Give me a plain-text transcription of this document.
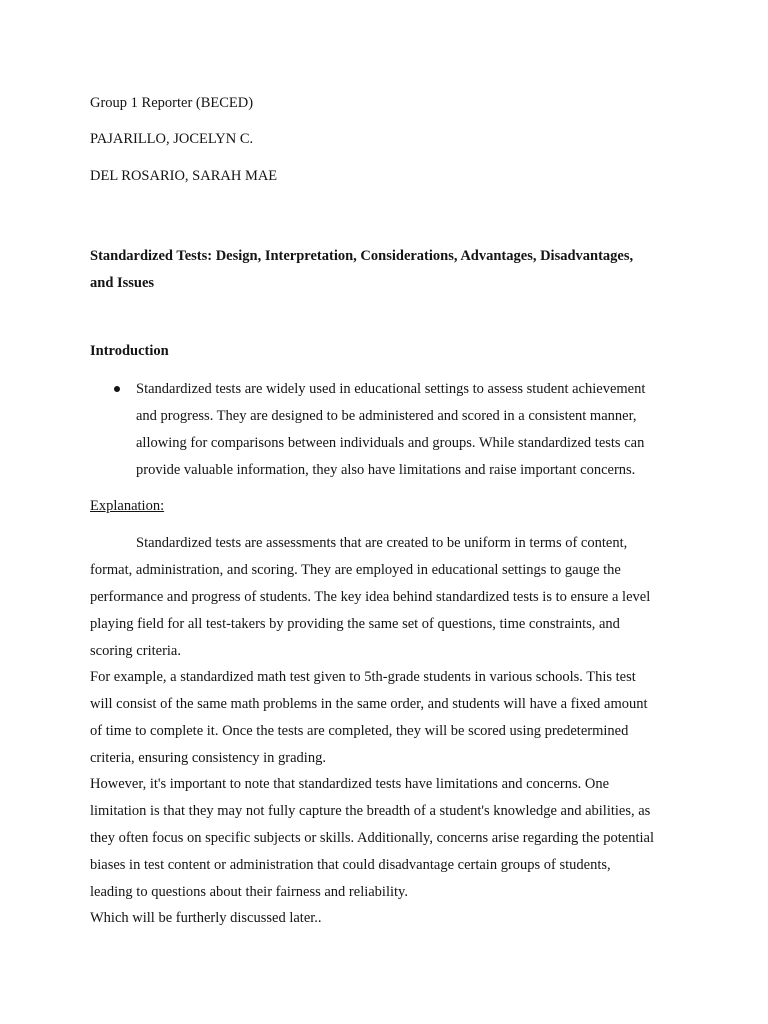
Group 1 Reporter (BECED)

PAJARILLO, JOCELYN C.

DEL ROSARIO, SARAH MAE

Standardized Tests: Design, Interpretation, Considerations, Advantages, Disadvantages,
and Issues

Introduction

Standardized tests are widely used in educational settings to assess student achievement
and progress. They are designed to be administered and scored in a consistent manner,
allowing for comparisons between individuals and groups. While standardized tests can
provide valuable information, they also have limitations and raise important concerns.

Explanation:

Standardized tests are assessments that are created to be uniform in terms of content,
format, administration, and scoring. They are employed in educational settings to gauge the
performance and progress of students. The key idea behind standardized tests is to ensure a level
playing field for all test-takers by providing the same set of questions, time constraints, and
scoring criteria.

For example, a standardized math test given to 5th-grade students in various schools. This test
will consist of the same math problems in the same order, and students will have a fixed amount
of time to complete it. Once the tests are completed, they will be scored using predetermined
criteria, ensuring consistency in grading.

However, it's important to note that standardized tests have limitations and concerns. One
limitation is that they may not fully capture the breadth of a student's knowledge and abilities, as
they often focus on specific subjects or skills. Additionally, concerns arise regarding the potential
biases in test content or administration that could disadvantage certain groups of students,
leading to questions about their fairness and reliability.

Which will be furtherly discussed later..
